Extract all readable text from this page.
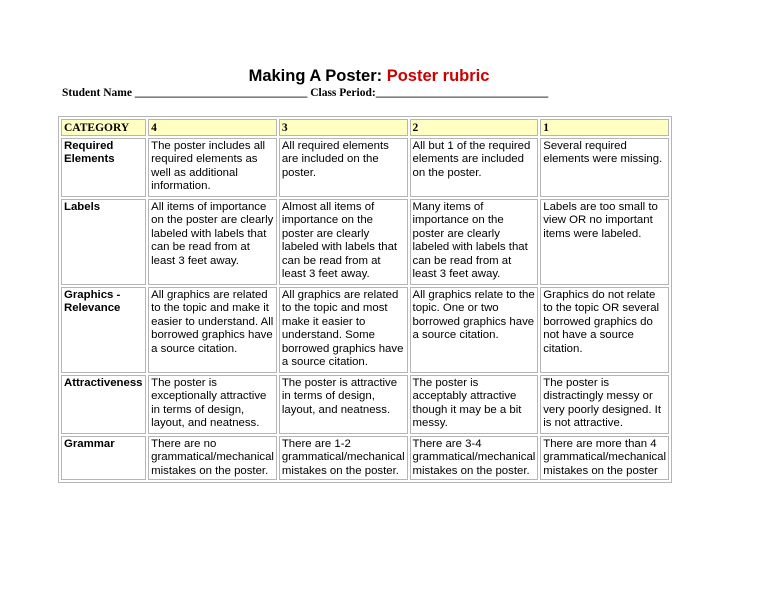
Making A Poster: Poster rubric
Student Name ______________________________ Class Period:______________________________
CATEGORY	4	3	2	1
Required Elements	The poster includes all required elements as well as additional information.	All required elements are included on the poster.	All but 1 of the required elements are included on the poster.	Several required elements were missing.
Labels	All items of importance on the poster are clearly labeled with labels that can be read from at least 3 feet away.	Almost all items of importance on the poster are clearly labeled with labels that can be read from at least 3 feet away.	Many items of importance on the poster are clearly labeled with labels that can be read from at least 3 feet away.	Labels are too small to view OR no important items were labeled.
Graphics - Relevance	All graphics are related to the topic and make it easier to understand. All borrowed graphics have a source citation.	All graphics are related to the topic and most make it easier to understand. Some borrowed graphics have a source citation.	All graphics relate to the topic. One or two borrowed graphics have a source citation.	Graphics do not relate to the topic OR several borrowed graphics do not have a source citation.
Attractiveness	The poster is exceptionally attractive in terms of design, layout, and neatness.	The poster is attractive in terms of design, layout, and neatness.	The poster is acceptably attractive though it may be a bit messy.	The poster is distractingly messy or very poorly designed. It is not attractive.
Grammar	There are no grammatical/mechanical mistakes on the poster.	There are 1-2 grammatical/mechanical mistakes on the poster.	There are 3-4 grammatical/mechanical mistakes on the poster.	There are more than 4 grammatical/mechanical mistakes on the poster
